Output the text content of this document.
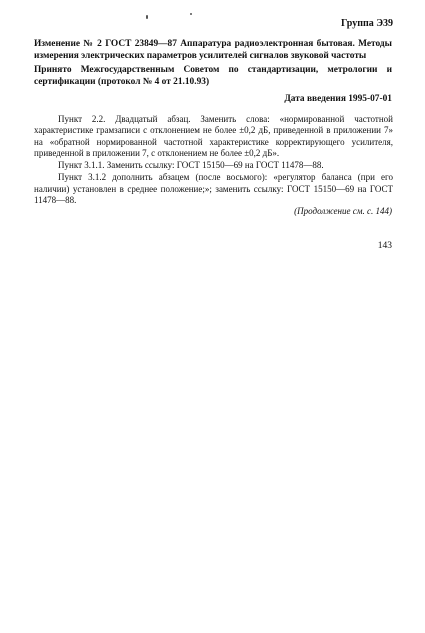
Группа Э39
Изменение № 2 ГОСТ 23849—87 Аппаратура радиоэлектронная бытовая. Методы измерения электрических параметров усилителей сигналов звуковой частоты
Принято Межгосударственным Советом по стандартизации, метрологии и сертификации (протокол № 4 от 21.10.93)
Дата введения 1995-07-01

Пункт 2.2. Двадцатый абзац. Заменить слова: «нормированной частотной характеристике грамзаписи с отклонением не более ±0,2 дБ, приведенной в приложении 7» на «обратной нормированной частотной характеристике корректирующего усилителя, приведенной в приложении 7, с отклонением не более ±0,2 дБ».

Пункт 3.1.1. Заменить ссылку: ГОСТ 15150—69 на ГОСТ 11478—88.

Пункт 3.1.2 дополнить абзацем (после восьмого): «регулятор баланса (при его наличии) установлен в среднее положение;»; заменить ссылку: ГОСТ 15150—69 на ГОСТ 11478—88.

(Продолжение см. с. 144)
143
